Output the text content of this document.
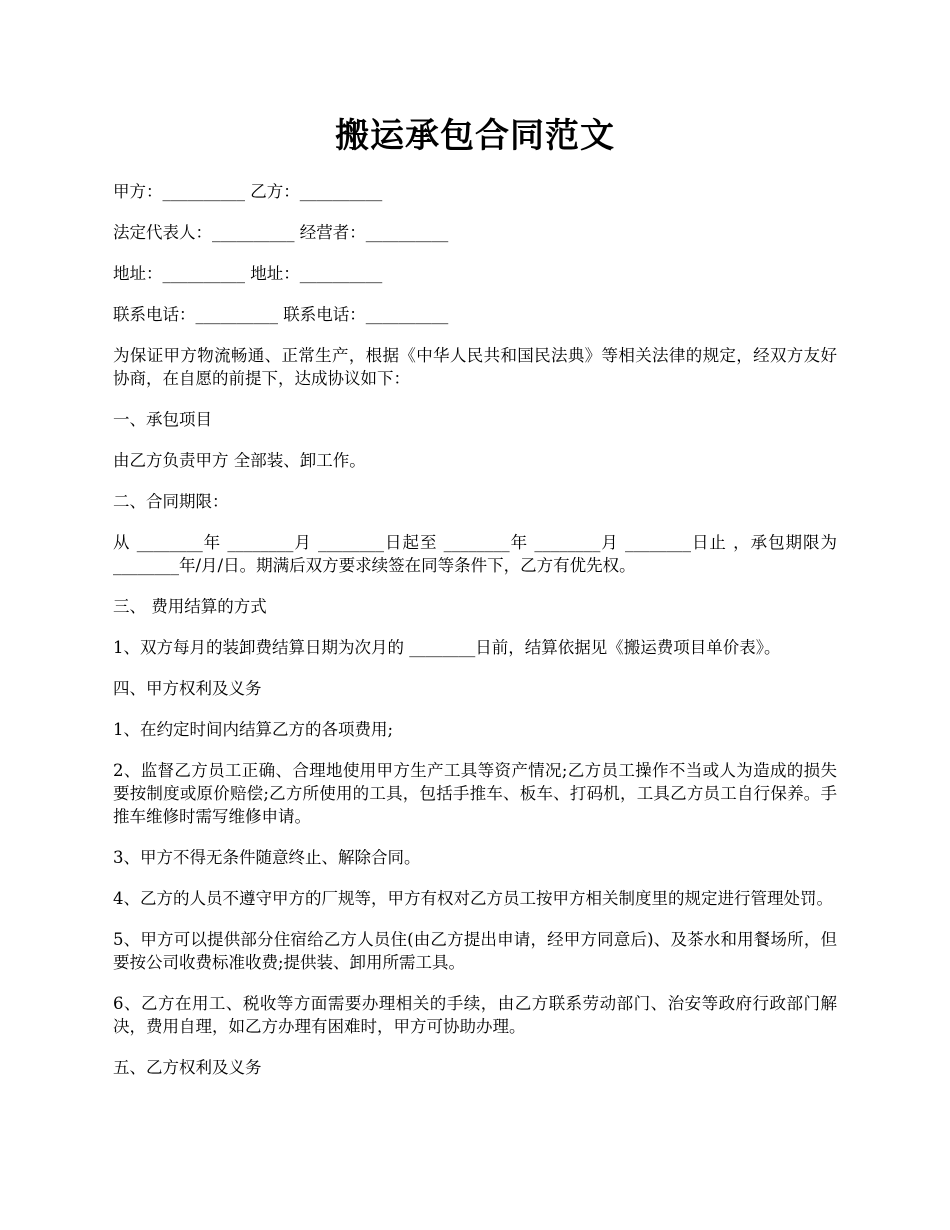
搬运承包合同范文

甲方：__________ 乙方：__________

法定代表人：__________ 经营者：__________

地址：__________ 地址：__________

联系电话：__________ 联系电话：__________

为保证甲方物流畅通、正常生产，根据《中华人民共和国民法典》等相关法律的规定，经双方友好协商，在自愿的前提下，达成协议如下：

一、承包项目

由乙方负责甲方 全部装、卸工作。

二、合同期限：

从 ________年 ________月 ________日起至 ________年 ________月 ________日止 ，承包期限为 ________年/月/日。期满后双方要求续签在同等条件下，乙方有优先权。

三、 费用结算的方式

1、双方每月的装卸费结算日期为次月的 ________日前，结算依据见《搬运费项目单价表》。

四、甲方权利及义务

1、在约定时间内结算乙方的各项费用;

2、监督乙方员工正确、合理地使用甲方生产工具等资产情况;乙方员工操作不当或人为造成的损失要按制度或原价赔偿;乙方所使用的工具，包括手推车、板车、打码机，工具乙方员工自行保养。手推车维修时需写维修申请。

3、甲方不得无条件随意终止、解除合同。

4、乙方的人员不遵守甲方的厂规等，甲方有权对乙方员工按甲方相关制度里的规定进行管理处罚。

5、甲方可以提供部分住宿给乙方人员住(由乙方提出申请，经甲方同意后)、及茶水和用餐场所，但要按公司收费标准收费;提供装、卸用所需工具。

6、乙方在用工、税收等方面需要办理相关的手续，由乙方联系劳动部门、治安等政府行政部门解决，费用自理，如乙方办理有困难时，甲方可协助办理。

五、乙方权利及义务
